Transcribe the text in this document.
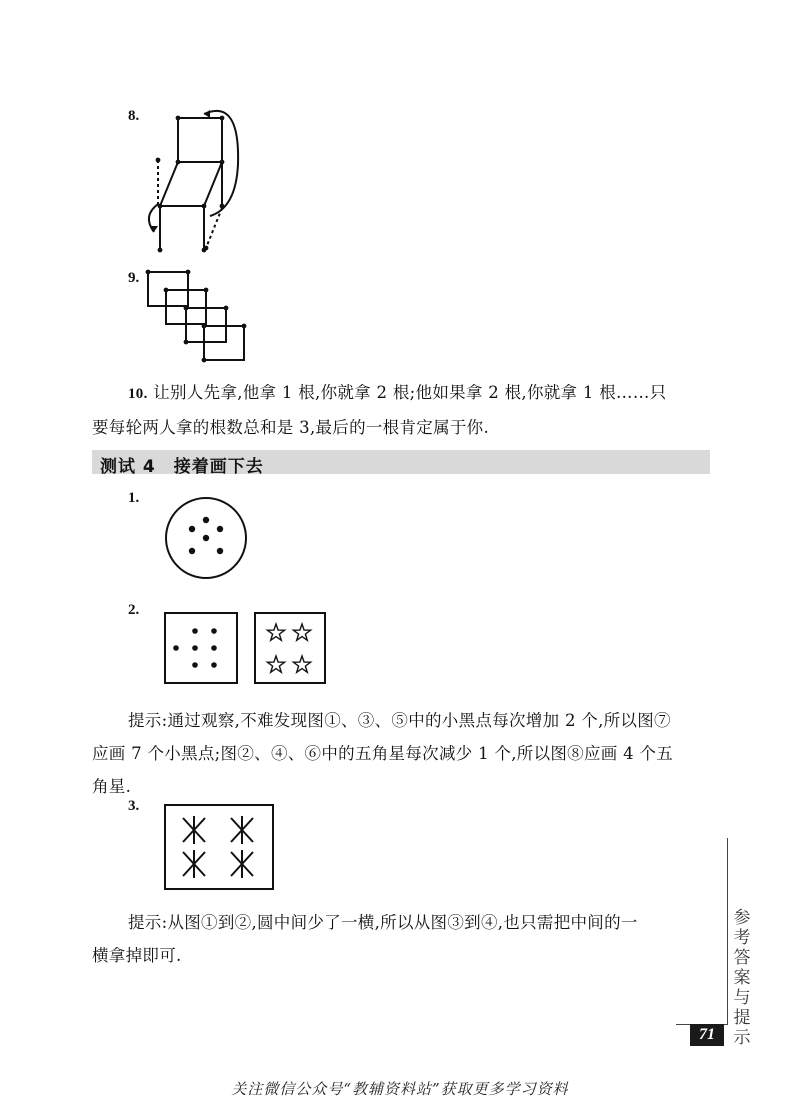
8.
9.
10. 让别人先拿,他拿 1 根,你就拿 2 根;他如果拿 2 根,你就拿 1 根……只
要每轮两人拿的根数总和是 3,最后的一根肯定属于你.
测试 4　接着画下去
1.
2.
提示:通过观察,不难发现图①、③、⑤中的小黑点每次增加 2 个,所以图⑦
应画 7 个小黑点;图②、④、⑥中的五角星每次减少 1 个,所以图⑧应画 4 个五
角星.
3.
提示:从图①到②,圆中间少了一横,所以从图③到④,也只需把中间的一
横拿掉即可.
参考答案与提示
71
关注微信公众号“教辅资料站”获取更多学习资料
